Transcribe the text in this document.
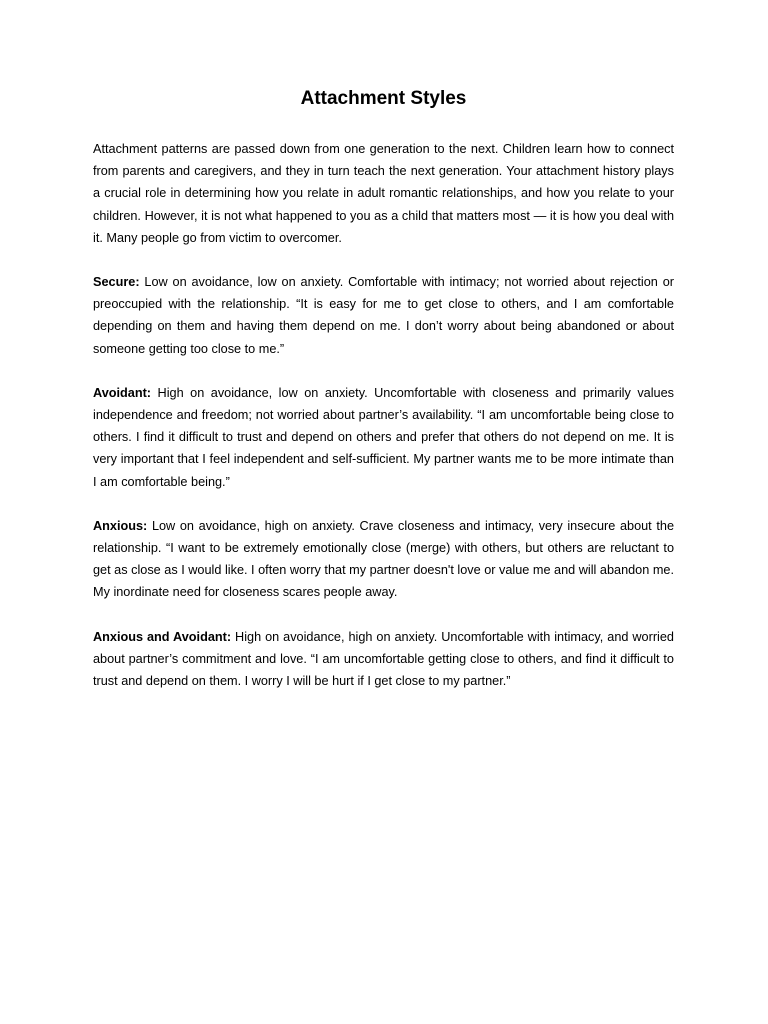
Attachment Styles

Attachment patterns are passed down from one generation to the next. Children learn how to connect from parents and caregivers, and they in turn teach the next generation. Your attachment history plays a crucial role in determining how you relate in adult romantic relationships, and how you relate to your children. However, it is not what happened to you as a child that matters most — it is how you deal with it. Many people go from victim to overcomer.

Secure: Low on avoidance, low on anxiety. Comfortable with intimacy; not worried about rejection or preoccupied with the relationship. “It is easy for me to get close to others, and I am comfortable depending on them and having them depend on me. I don’t worry about being abandoned or about someone getting too close to me.”

Avoidant: High on avoidance, low on anxiety. Uncomfortable with closeness and primarily values independence and freedom; not worried about partner’s availability. “I am uncomfortable being close to others. I find it difficult to trust and depend on others and prefer that others do not depend on me. It is very important that I feel independent and self-sufficient. My partner wants me to be more intimate than I am comfortable being.”

Anxious: Low on avoidance, high on anxiety. Crave closeness and intimacy, very insecure about the relationship. “I want to be extremely emotionally close (merge) with others, but others are reluctant to get as close as I would like. I often worry that my partner doesn't love or value me and will abandon me. My inordinate need for closeness scares people away.

Anxious and Avoidant: High on avoidance, high on anxiety. Uncomfortable with intimacy, and worried about partner’s commitment and love. “I am uncomfortable getting close to others, and find it difficult to trust and depend on them. I worry I will be hurt if I get close to my partner.”
